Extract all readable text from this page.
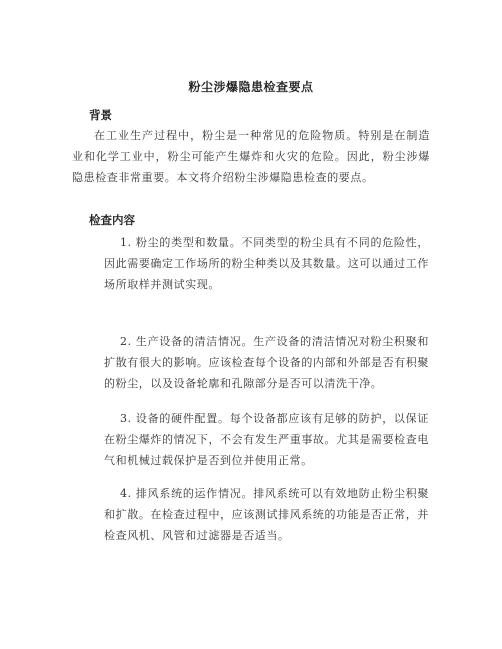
粉尘涉爆隐患检查要点
背景
在工业生产过程中，粉尘是一种常见的危险物质。特别是在制造业和化学工业中，粉尘可能产生爆炸和火灾的危险。因此，粉尘涉爆隐患检查非常重要。本文将介绍粉尘涉爆隐患检查的要点。
检查内容
1. 粉尘的类型和数量。不同类型的粉尘具有不同的危险性，因此需要确定工作场所的粉尘种类以及其数量。这可以通过工作场所取样并测试实现。
2. 生产设备的清洁情况。生产设备的清洁情况对粉尘积聚和扩散有很大的影响。应该检查每个设备的内部和外部是否有积聚的粉尘，以及设备轮廓和孔隙部分是否可以清洗干净。
3. 设备的硬件配置。每个设备都应该有足够的防护，以保证在粉尘爆炸的情况下，不会有发生严重事故。尤其是需要检查电气和机械过载保护是否到位并使用正常。
4. 排风系统的运作情况。排风系统可以有效地防止粉尘积聚和扩散。在检查过程中，应该测试排风系统的功能是否正常，并检查风机、风管和过滤器是否适当。
